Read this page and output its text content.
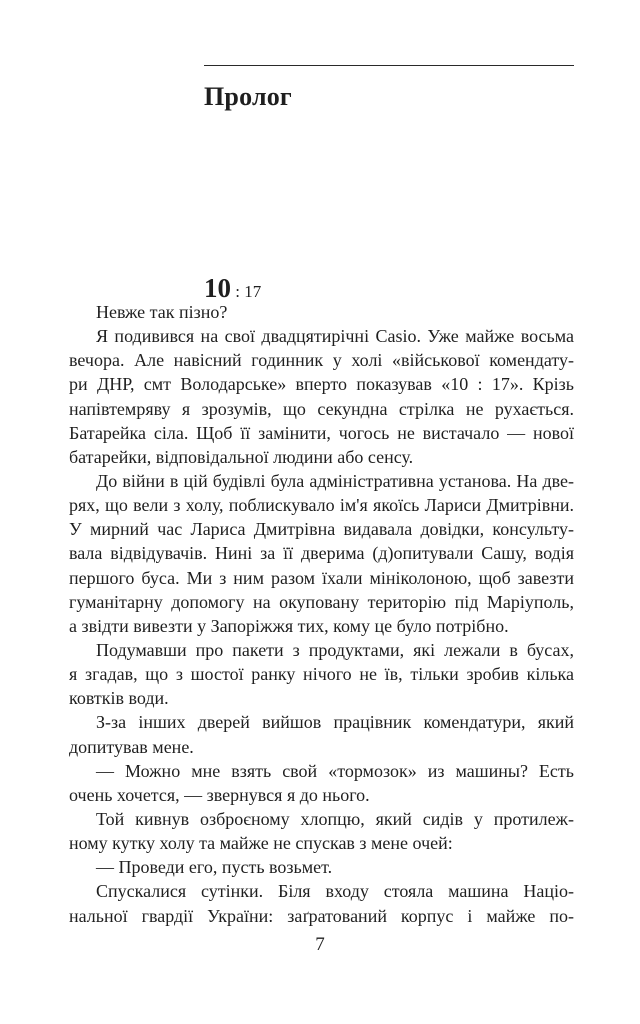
Пролог
10 : 17
Невже так пізно?
Я подивився на свої двадцятирічні Casio. Уже майже восьма
вечора. Але навісний годинник у холі «військової комендату-
ри ДНР, смт Володарське» вперто показував «10 : 17». Крізь
напівтемряву я зрозумів, що секундна стрілка не рухається.
Батарейка сіла. Щоб її замінити, чогось не вистачало — нової
батарейки, відповідальної людини або сенсу.
До війни в цій будівлі була адміністративна установа. На две-
рях, що вели з холу, поблискувало ім'я якоїсь Лариси Дмитрівни.
У мирний час Лариса Дмитрівна видавала довідки, консульту-
вала відвідувачів. Нині за її дверима (д)опитували Сашу, водія
першого буса. Ми з ним разом їхали мініколоною, щоб завезти
гуманітарну допомогу на окуповану територію під Маріуполь,
а звідти вивезти у Запоріжжя тих, кому це було потрібно.
Подумавши про пакети з продуктами, які лежали в бусах,
я згадав, що з шостої ранку нічого не їв, тільки зробив кілька
ковтків води.
З-за інших дверей вийшов працівник комендатури, який
допитував мене.
— Можно мне взять свой «тормозок» из машины? Есть
очень хочется, — звернувся я до нього.
Той кивнув озброєному хлопцю, який сидів у протилеж-
ному кутку холу та майже не спускав з мене очей:
— Проведи его, пусть возьмет.
Спускалися сутінки. Біля входу стояла машина Націо-
нальної гвардії України: заґратований корпус і майже по-
7
